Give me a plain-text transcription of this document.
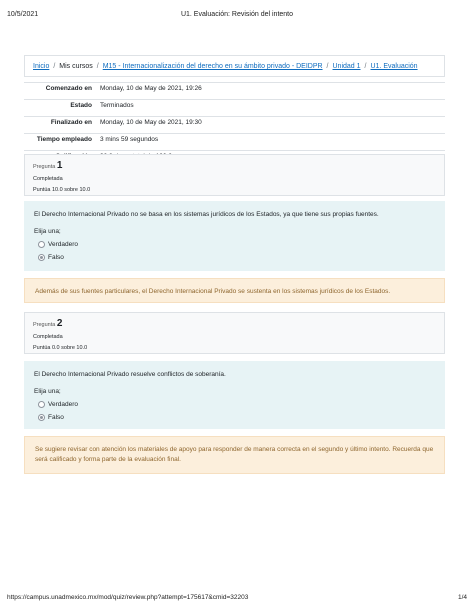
10/5/2021	U1. Evaluación: Revisión del intento
Inicio / Mis cursos / M15 - Internacionalización del derecho en su ámbito privado - DEIDPR / Unidad 1 / U1. Evaluación
Comenzado en	Monday, 10 de May de 2021, 19:26
Estado	Terminados
Finalizado en	Monday, 10 de May de 2021, 19:30
Tiempo empleado	3 mins 59 segundos

Pregunta 1
Completada
Puntúa 10.0 sobre 10.0
El Derecho Internacional Privado no se basa en los sistemas jurídicos de los Estados, ya que tiene sus propias fuentes.
Elija una;
Verdadero
Falso
Además de sus fuentes particulares, el Derecho Internacional Privado se sustenta en los sistemas jurídicos de los Estados.
Pregunta 2
Completada
Puntúa 0.0 sobre 10.0
El Derecho Internacional Privado resuelve conflictos de soberanía.
Elija una;
Verdadero
Falso
Se sugiere revisar con atención los materiales de apoyo para responder de manera correcta en el segundo y último intento. Recuerda que será calificado y forma parte de la evaluación final.
https://campus.unadmexico.mx/mod/quiz/review.php?attempt=175617&cmid=32203	1/4
